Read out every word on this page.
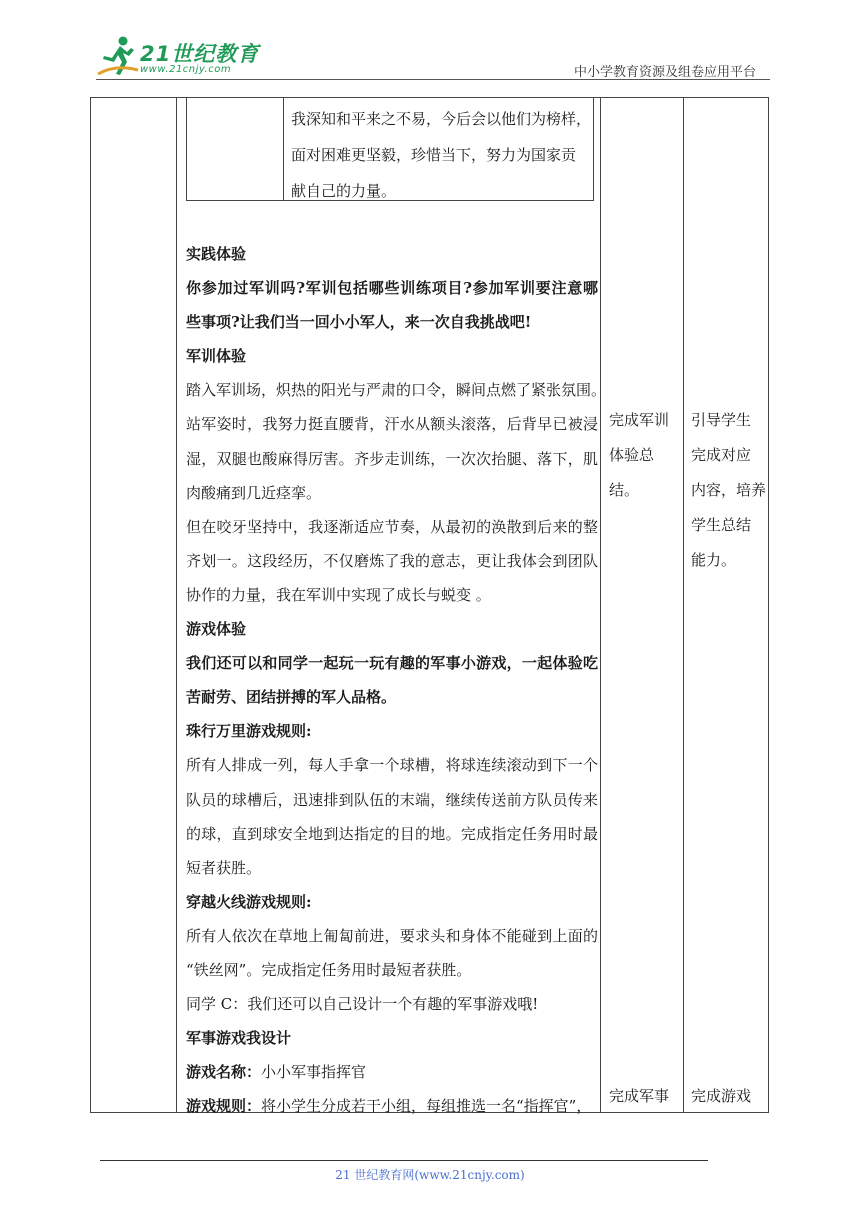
21世纪教育
www.21cnjy.com	中小学教育资源及组卷应用平台
我深知和平来之不易，今后会以他们为榜样，
面对困难更坚毅，珍惜当下，努力为国家贡
献自己的力量。
实践体验
你参加过军训吗?军训包括哪些训练项目?参加军训要注意哪
些事项?让我们当一回小小军人，来一次自我挑战吧!
军训体验
踏入军训场，炽热的阳光与严肃的口令，瞬间点燃了紧张氛围。
站军姿时，我努力挺直腰背，汗水从额头滚落，后背早已被浸
湿，双腿也酸麻得厉害。齐步走训练，一次次抬腿、落下，肌
肉酸痛到几近痉挛。
但在咬牙坚持中，我逐渐适应节奏，从最初的涣散到后来的整
齐划一。这段经历，不仅磨炼了我的意志，更让我体会到团队
协作的力量，我在军训中实现了成长与蜕变 。
游戏体验
我们还可以和同学一起玩一玩有趣的军事小游戏，一起体验吃
苦耐劳、团结拼搏的军人品格。
珠行万里游戏规则:
所有人排成一列，每人手拿一个球槽，将球连续滚动到下一个
队员的球槽后，迅速排到队伍的末端，继续传送前方队员传来
的球，直到球安全地到达指定的目的地。完成指定任务用时最
短者获胜。
穿越火线游戏规则:
所有人依次在草地上匍匐前进，要求头和身体不能碰到上面的
“铁丝网”。完成指定任务用时最短者获胜。
同学 C：我们还可以自己设计一个有趣的军事游戏哦!
军事游戏我设计
游戏名称：小小军事指挥官
游戏规则：将小学生分成若干小组，每组推选一名“指挥官”，
完成军训
体验总
结。
引导学生
完成对应
内容，培养
学生总结
能力。
完成军事 完成游戏
21 世纪教育网(www.21cnjy.com)
